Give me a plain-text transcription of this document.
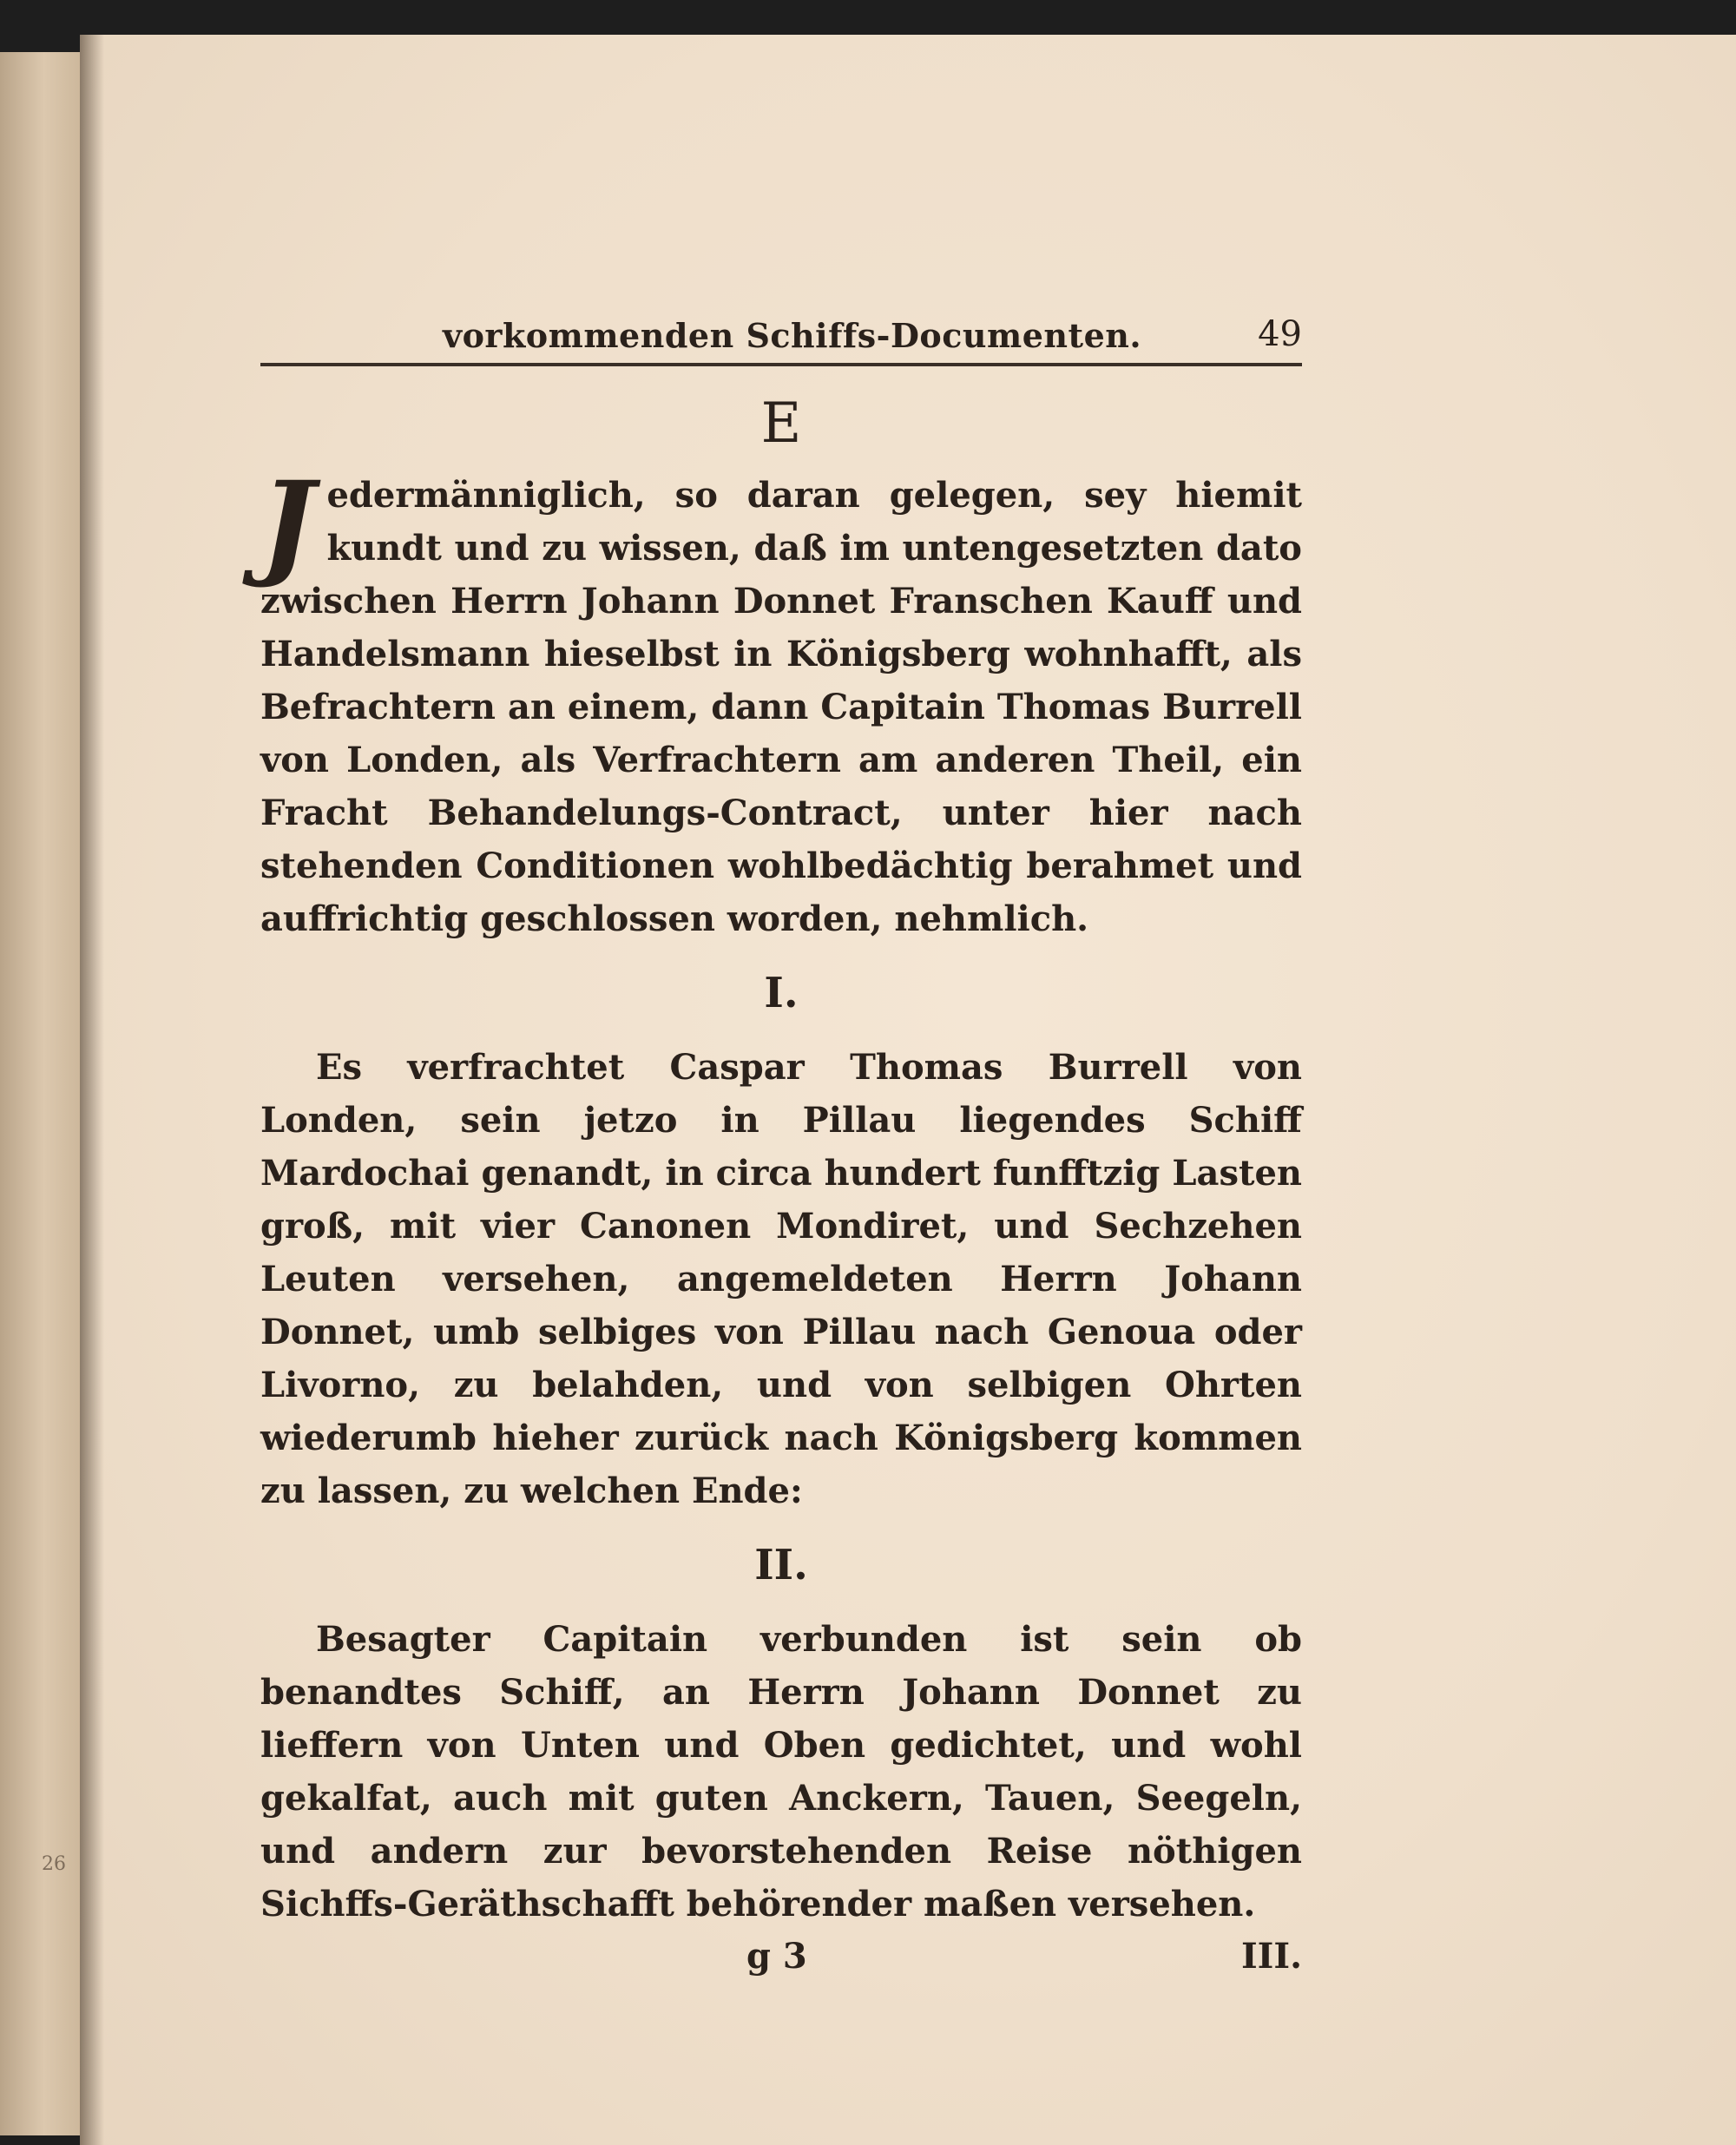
26
vorkommenden Schiffs-Documenten.	49
E

Jedermänniglich, so daran gelegen, sey hiemit kundt und zu wissen, daß im untengesetzten dato zwischen Herrn Johann Donnet Franschen Kauff und Handelsmann hieselbst in Königsberg wohnhafft, als Befrachtern an einem, dann Capitain Thomas Burrell von Londen, als Verfrachtern am anderen Theil, ein Fracht Behandelungs-Contract, unter hier nach stehenden Conditionen wohlbedächtig berahmet und auffrichtig geschlossen worden, nehmlich.

I.

Es verfrachtet Caspar Thomas Burrell von Londen, sein jetzo in Pillau liegendes Schiff Mardochai genandt, in circa hundert funfftzig Lasten groß, mit vier Canonen Mondiret, und Sechzehen Leuten versehen, angemeldeten Herrn Johann Donnet, umb selbiges von Pillau nach Genoua oder Livorno, zu belahden, und von selbigen Ohrten wiederumb hieher zurück nach Königsberg kommen zu lassen, zu welchen Ende:

II.

Besagter Capitain verbunden ist sein ob benandtes Schiff, an Herrn Johann Donnet zu lieffern von Unten und Oben gedichtet, und wohl gekalfat, auch mit guten Anckern, Tauen, Seegeln, und andern zur bevorstehenden Reise nöthigen Sichffs-Geräthschafft behörender maßen versehen.

g 3	III.
